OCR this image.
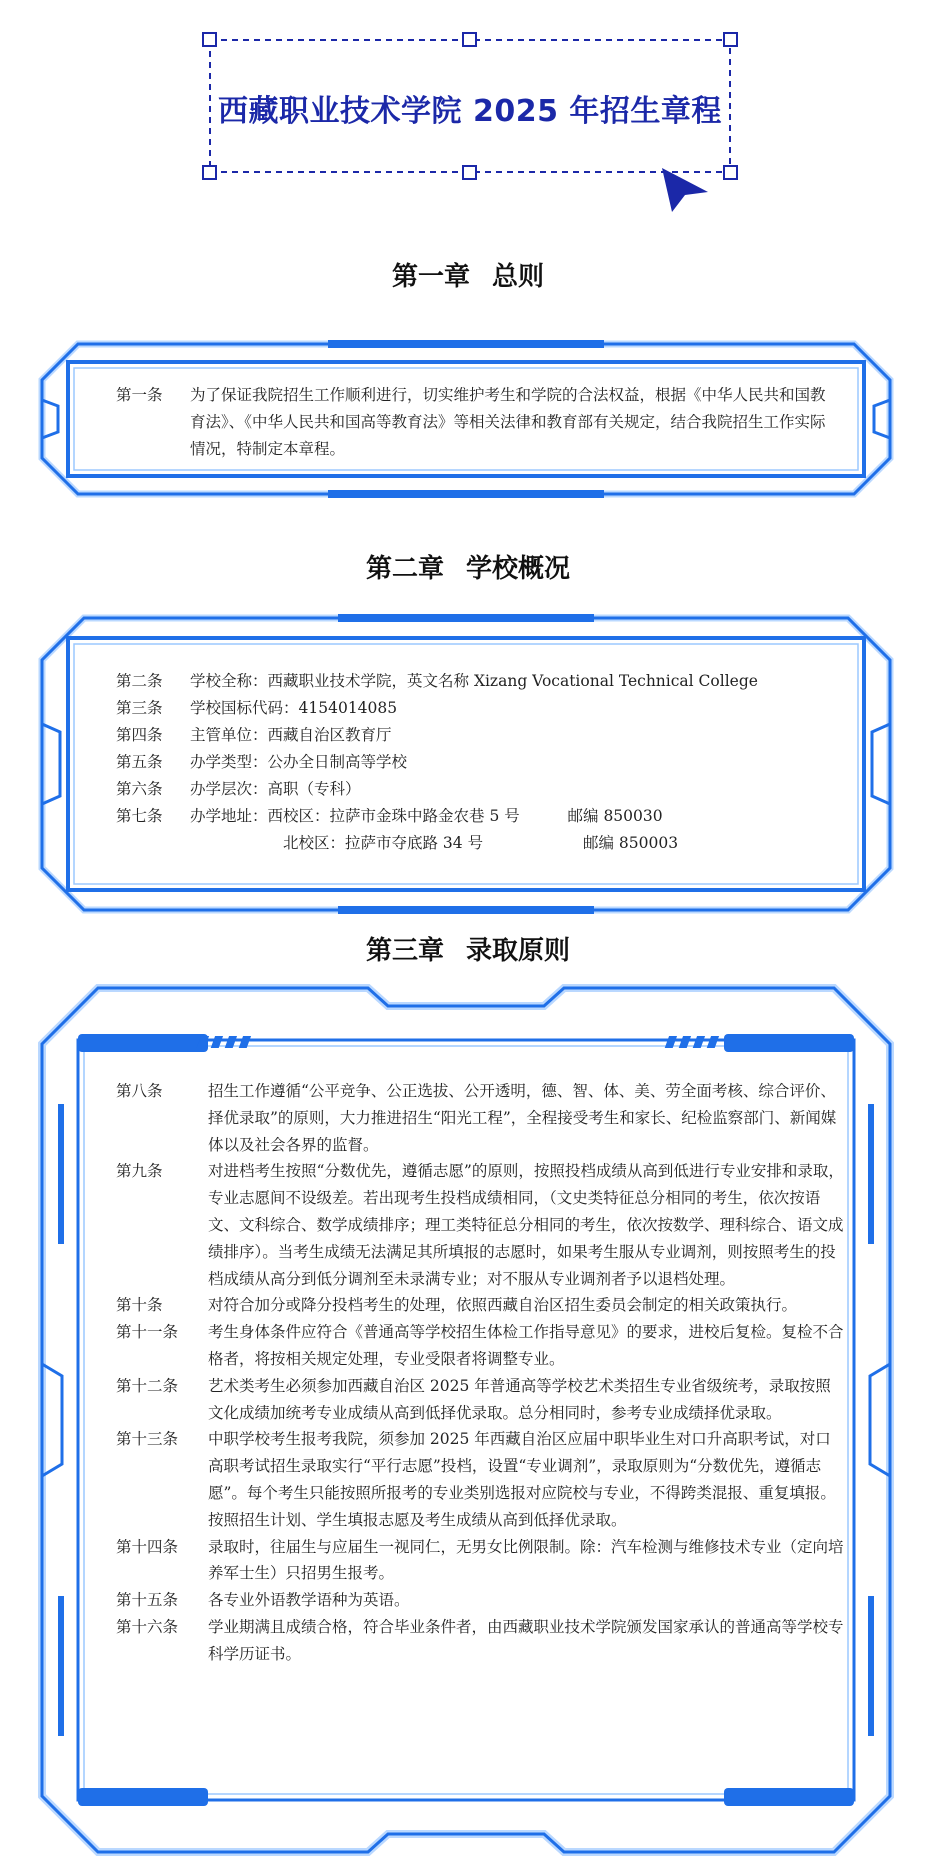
西藏职业技术学院 2025 年招生章程
第一章 总则
第一条	为了保证我院招生工作顺利进行，切实维护考生和学院的合法权益，根据《中华人民共和国教育法》、《中华人民共和国高等教育法》等相关法律和教育部有关规定，结合我院招生工作实际情况，特制定本章程。
第二章 学校概况
第二条	学校全称： 西藏职业技术学院，英文名称 Xizang Vocational Technical College
第三条	学校国标代码： 4154014085
第四条	主管单位： 西藏自治区教育厅
第五条	办学类型： 公办全日制高等学校
第六条	办学层次： 高职（专科）
第七条	办学地址： 西校区：拉萨市金珠中路金农巷 5 号	邮编 850030
北校区：拉萨市夺底路 34 号	邮编 850003
第三章 录取原则
第八条	招生工作遵循“公平竞争、公正选拔、公开透明，德、智、体、美、劳全面考核、综合评价、择优录取”的原则，大力推进招生“阳光工程”，全程接受考生和家长、纪检监察部门、新闻媒体以及社会各界的监督。
第九条	对进档考生按照“分数优先，遵循志愿”的原则，按照投档成绩从高到低进行专业安排和录取，专业志愿间不设级差。若出现考生投档成绩相同，（文史类特征总分相同的考生，依次按语文、文科综合、数学成绩排序；理工类特征总分相同的考生，依次按数学、理科综合、语文成绩排序）。当考生成绩无法满足其所填报的志愿时，如果考生服从专业调剂，则按照考生的投档成绩从高分到低分调剂至未录满专业；对不服从专业调剂者予以退档处理。
第十条	对符合加分或降分投档考生的处理，依照西藏自治区招生委员会制定的相关政策执行。
第十一条	考生身体条件应符合《普通高等学校招生体检工作指导意见》的要求，进校后复检。复检不合格者，将按相关规定处理，专业受限者将调整专业。
第十二条	艺术类考生必须参加西藏自治区 2025 年普通高等学校艺术类招生专业省级统考，录取按照文化成绩加统考专业成绩从高到低择优录取。总分相同时，参考专业成绩择优录取。
第十三条	中职学校考生报考我院，须参加 2025 年西藏自治区应届中职毕业生对口升高职考试，对口高职考试招生录取实行“平行志愿”投档，设置“专业调剂”，录取原则为“分数优先，遵循志愿”。每个考生只能按照所报考的专业类别选报对应院校与专业，不得跨类混报、重复填报。按照招生计划、学生填报志愿及考生成绩从高到低择优录取。
第十四条	录取时，往届生与应届生一视同仁，无男女比例限制。除：汽车检测与维修技术专业（定向培养军士生）只招男生报考。
第十五条	各专业外语教学语种为英语。
第十六条	学业期满且成绩合格，符合毕业条件者，由西藏职业技术学院颁发国家承认的普通高等学校专科学历证书。
